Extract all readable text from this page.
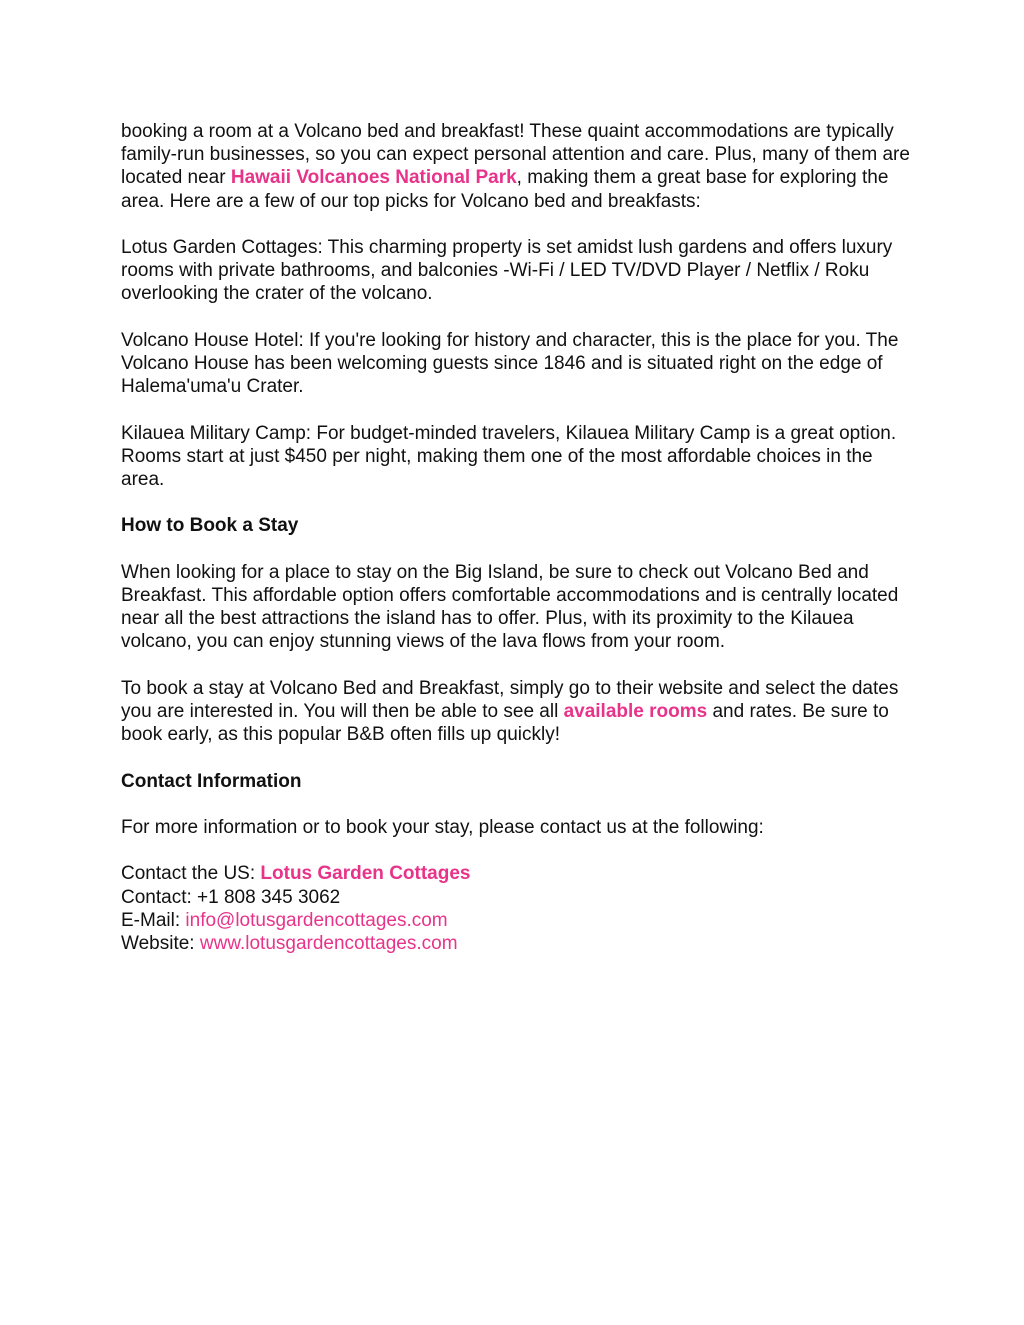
booking a room at a Volcano bed and breakfast! These quaint accommodations are typically family-run businesses, so you can expect personal attention and care. Plus, many of them are located near Hawaii Volcanoes National Park, making them a great base for exploring the area. Here are a few of our top picks for Volcano bed and breakfasts:

Lotus Garden Cottages: This charming property is set amidst lush gardens and offers luxury rooms with private bathrooms, and balconies -Wi-Fi / LED TV/DVD Player / Netflix / Roku overlooking the crater of the volcano.

Volcano House Hotel: If you're looking for history and character, this is the place for you. The Volcano House has been welcoming guests since 1846 and is situated right on the edge of Halema'uma'u Crater.

Kilauea Military Camp: For budget-minded travelers, Kilauea Military Camp is a great option. Rooms start at just $450 per night, making them one of the most affordable choices in the area.

How to Book a Stay

When looking for a place to stay on the Big Island, be sure to check out Volcano Bed and Breakfast. This affordable option offers comfortable accommodations and is centrally located near all the best attractions the island has to offer. Plus, with its proximity to the Kilauea volcano, you can enjoy stunning views of the lava flows from your room.

To book a stay at Volcano Bed and Breakfast, simply go to their website and select the dates you are interested in. You will then be able to see all available rooms and rates. Be sure to book early, as this popular B&B often fills up quickly!

Contact Information

For more information or to book your stay, please contact us at the following:

Contact the US: Lotus Garden Cottages

Contact: +1 808 345 3062

E-Mail: info@lotusgardencottages.com

Website: www.lotusgardencottages.com
